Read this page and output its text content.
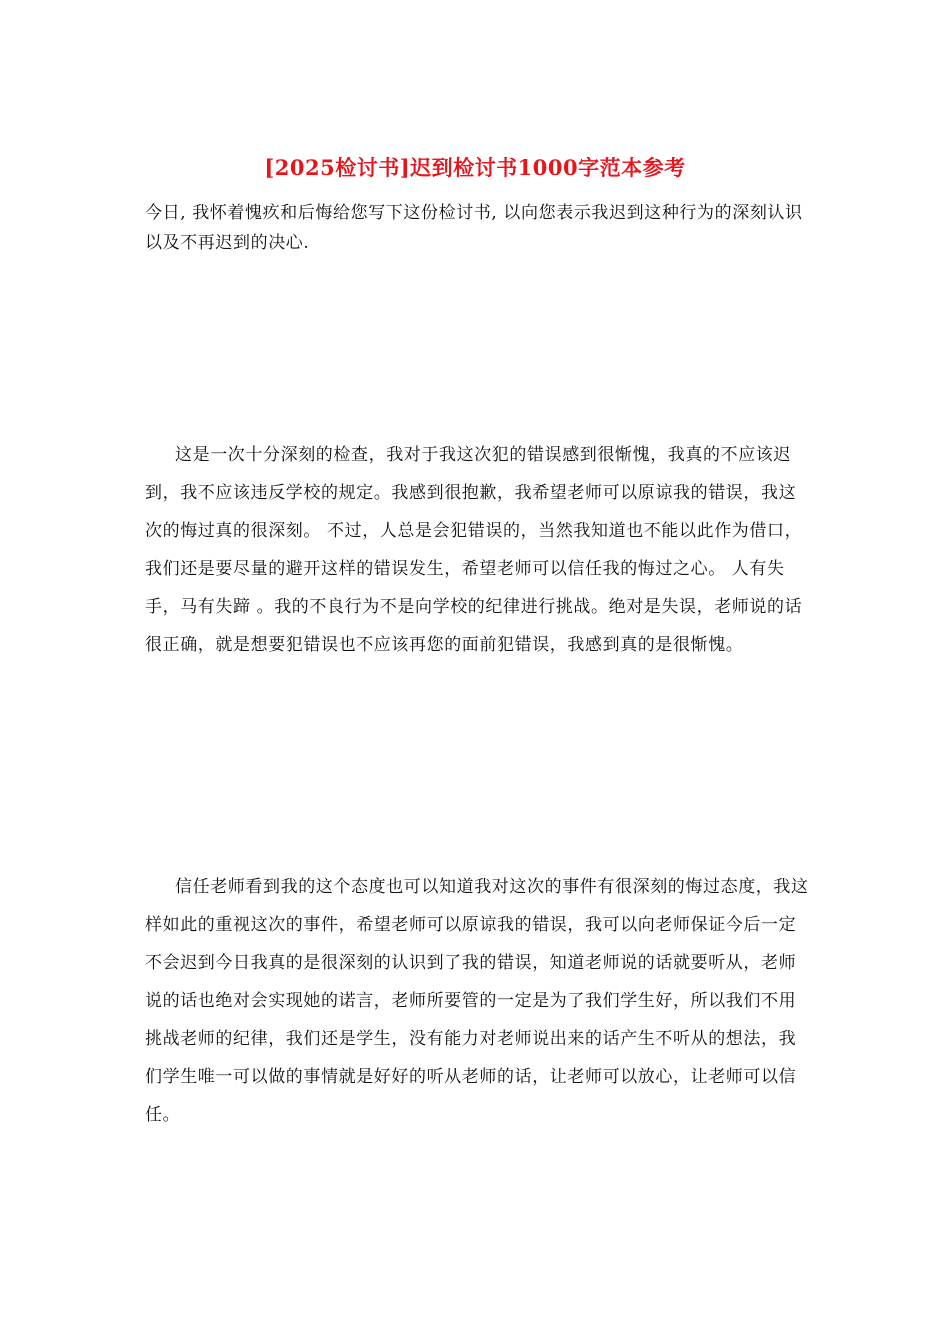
[2025检讨书]迟到检讨书1000字范本参考

今日, 我怀着愧疚和后悔给您写下这份检讨书, 以向您表示我迟到这种行为的深刻认识以及不再迟到的决心.

这是一次十分深刻的检查，我对于我这次犯的错误感到很惭愧，我真的不应该迟到，我不应该违反学校的规定。我感到很抱歉，我希望老师可以原谅我的错误，我这次的悔过真的很深刻。 不过，人总是会犯错误的，当然我知道也不能以此作为借口，我们还是要尽量的避开这样的错误发生，希望老师可以信任我的悔过之心。 人有失手，马有失蹄 。我的不良行为不是向学校的纪律进行挑战。绝对是失误，老师说的话很正确，就是想要犯错误也不应该再您的面前犯错误，我感到真的是很惭愧。

信任老师看到我的这个态度也可以知道我对这次的事件有很深刻的悔过态度，我这样如此的重视这次的事件，希望老师可以原谅我的错误，我可以向老师保证今后一定不会迟到今日我真的是很深刻的认识到了我的错误，知道老师说的话就要听从，老师说的话也绝对会实现她的诺言，老师所要管的一定是为了我们学生好，所以我们不用挑战老师的纪律，我们还是学生，没有能力对老师说出来的话产生不听从的想法，我们学生唯一可以做的事情就是好好的听从老师的话，让老师可以放心，让老师可以信任。
